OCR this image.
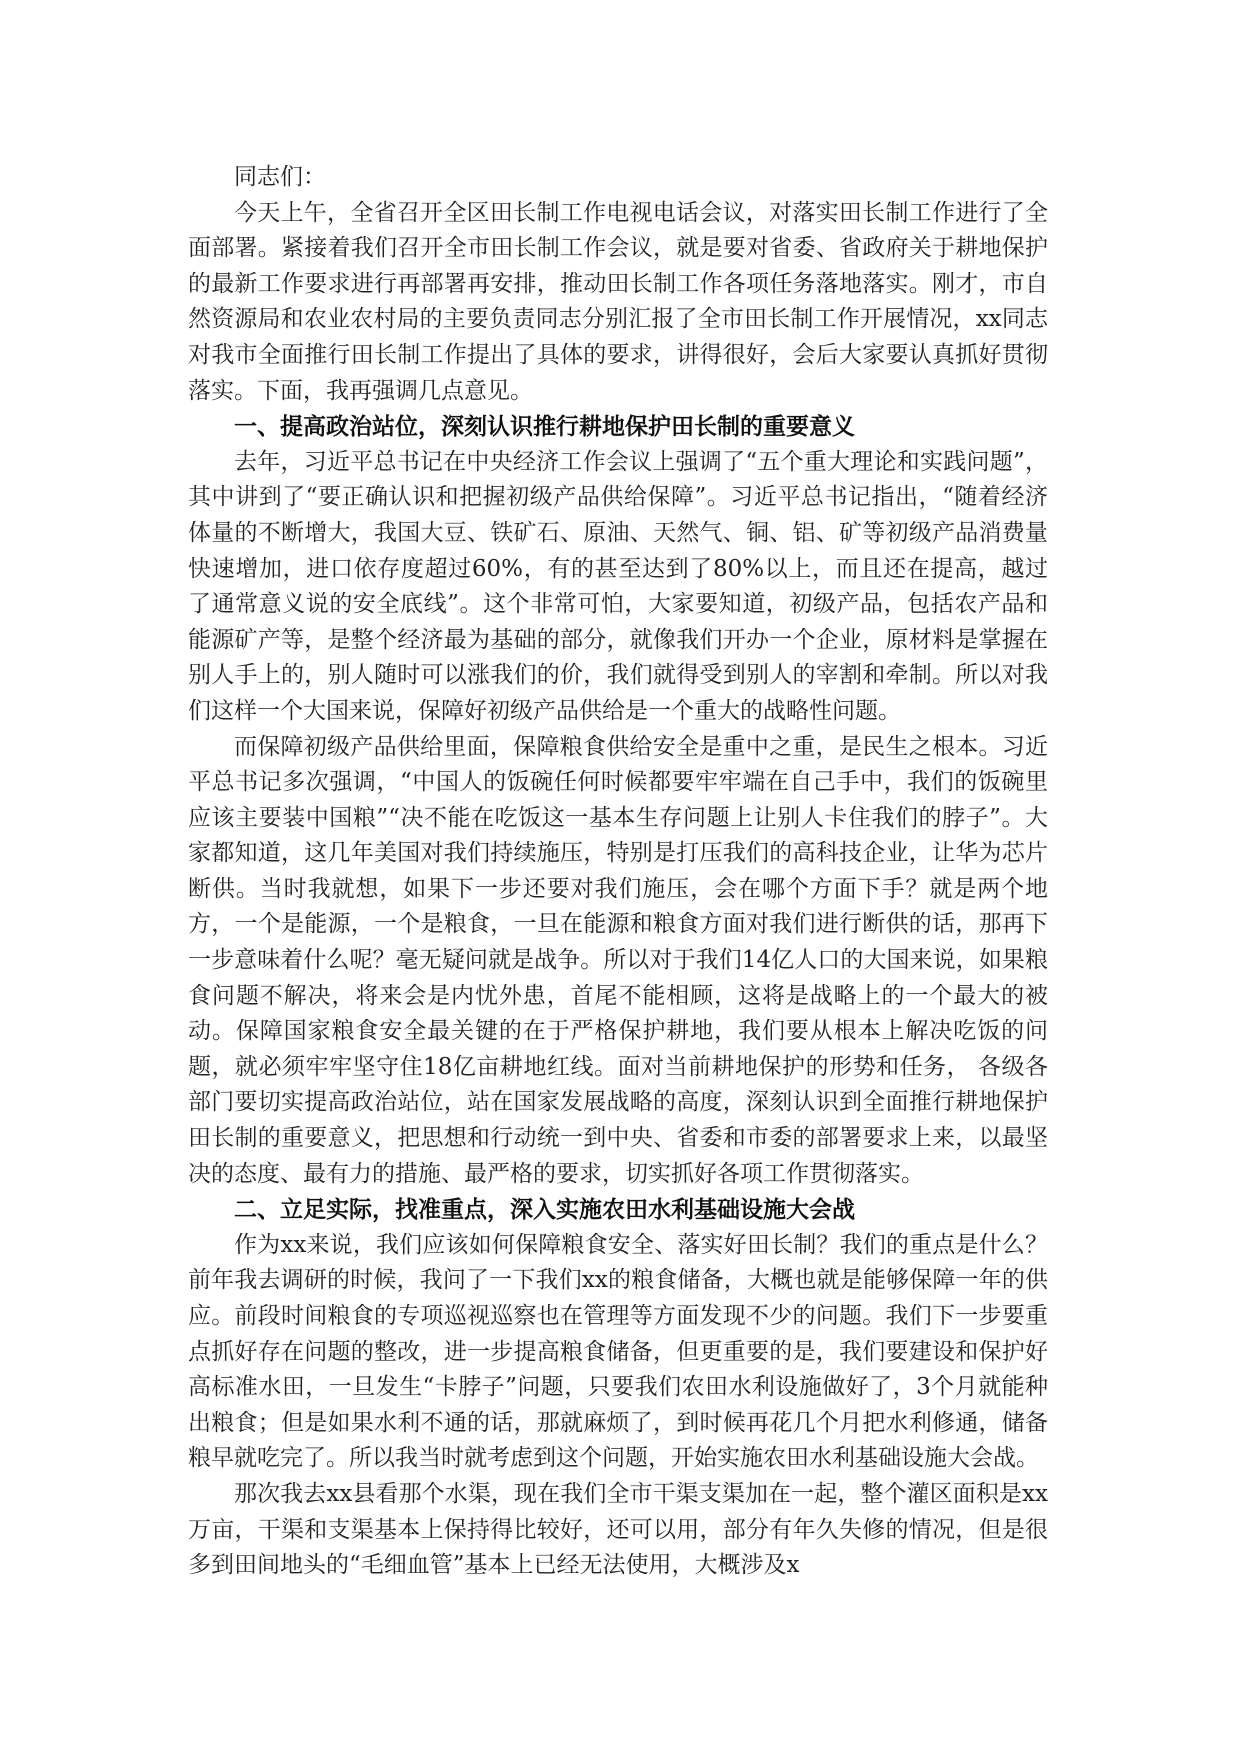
同志们：

今天上午，全省召开全区田长制工作电视电话会议，对落实田长制工作进行了全面部署。紧接着我们召开全市田长制工作会议，就是要对省委、省政府关于耕地保护的最新工作要求进行再部署再安排，推动田长制工作各项任务落地落实。刚才，市自然资源局和农业农村局的主要负责同志分别汇报了全市田长制工作开展情况，xx同志对我市全面推行田长制工作提出了具体的要求，讲得很好，会后大家要认真抓好贯彻落实。下面，我再强调几点意见。

一、提高政治站位，深刻认识推行耕地保护田长制的重要意义

去年，习近平总书记在中央经济工作会议上强调了“五个重大理论和实践问题”，其中讲到了“要正确认识和把握初级产品供给保障”。习近平总书记指出，“随着经济体量的不断增大，我国大豆、铁矿石、原油、天然气、铜、铝、矿等初级产品消费量快速增加，进口依存度超过60%，有的甚至达到了80%以上，而且还在提高，越过了通常意义说的安全底线”。这个非常可怕，大家要知道，初级产品，包括农产品和能源矿产等，是整个经济最为基础的部分，就像我们开办一个企业，原材料是掌握在别人手上的，别人随时可以涨我们的价，我们就得受到别人的宰割和牵制。所以对我们这样一个大国来说，保障好初级产品供给是一个重大的战略性问题。

而保障初级产品供给里面，保障粮食供给安全是重中之重，是民生之根本。习近平总书记多次强调，“中国人的饭碗任何时候都要牢牢端在自己手中，我们的饭碗里应该主要装中国粮”“决不能在吃饭这一基本生存问题上让别人卡住我们的脖子”。大家都知道，这几年美国对我们持续施压，特别是打压我们的高科技企业，让华为芯片断供。当时我就想，如果下一步还要对我们施压，会在哪个方面下手？就是两个地方，一个是能源，一个是粮食，一旦在能源和粮食方面对我们进行断供的话，那再下一步意味着什么呢？毫无疑问就是战争。所以对于我们14亿人口的大国来说，如果粮食问题不解决，将来会是内忧外患，首尾不能相顾，这将是战略上的一个最大的被动。保障国家粮食安全最关键的在于严格保护耕地，我们要从根本上解决吃饭的问题，就必须牢牢坚守住18亿亩耕地红线。面对当前耕地保护的形势和任务， 各级各部门要切实提高政治站位，站在国家发展战略的高度，深刻认识到全面推行耕地保护田长制的重要意义，把思想和行动统一到中央、省委和市委的部署要求上来，以最坚决的态度、最有力的措施、最严格的要求，切实抓好各项工作贯彻落实。

二、立足实际，找准重点，深入实施农田水利基础设施大会战

作为xx来说，我们应该如何保障粮食安全、落实好田长制？我们的重点是什么？前年我去调研的时候，我问了一下我们xx的粮食储备，大概也就是能够保障一年的供应。前段时间粮食的专项巡视巡察也在管理等方面发现不少的问题。我们下一步要重点抓好存在问题的整改，进一步提高粮食储备，但更重要的是，我们要建设和保护好高标准水田，一旦发生“卡脖子”问题，只要我们农田水利设施做好了，3个月就能种出粮食；但是如果水利不通的话，那就麻烦了，到时候再花几个月把水利修通，储备粮早就吃完了。所以我当时就考虑到这个问题，开始实施农田水利基础设施大会战。

那次我去xx县看那个水渠，现在我们全市干渠支渠加在一起，整个灌区面积是xx万亩，干渠和支渠基本上保持得比较好，还可以用，部分有年久失修的情况，但是很多到田间地头的“毛细血管”基本上已经无法使用，大概涉及x
